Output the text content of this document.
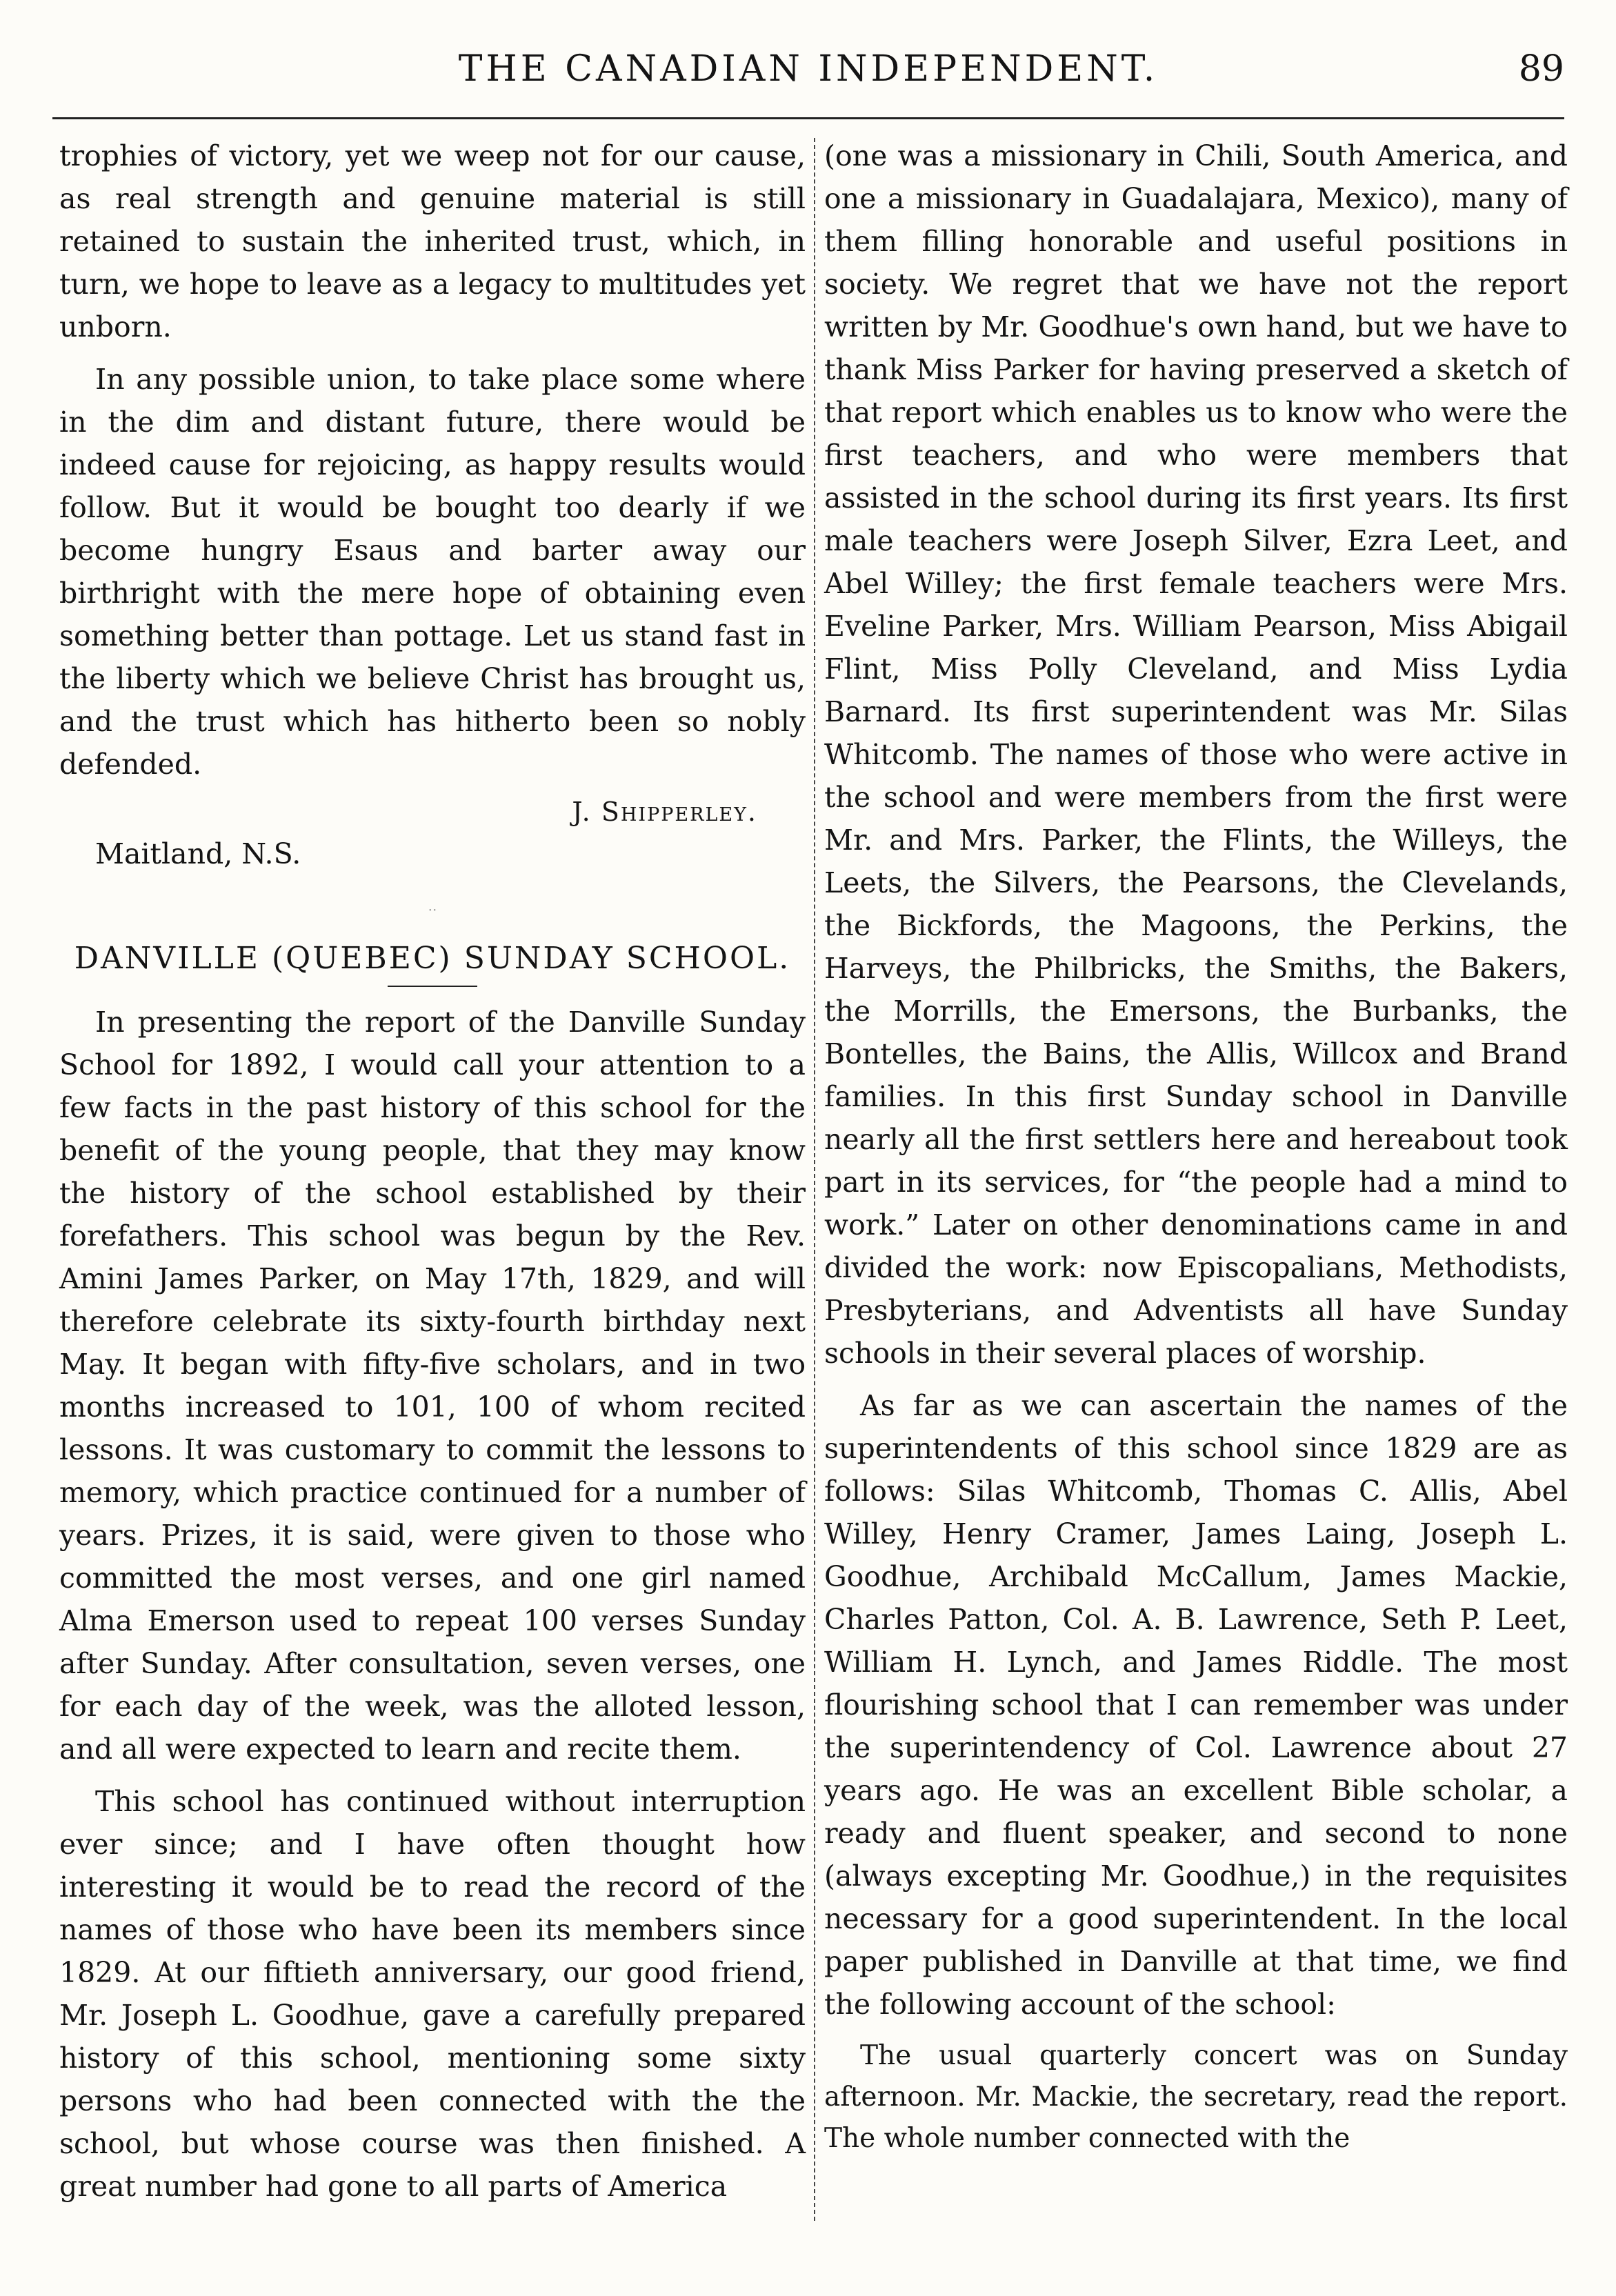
THE CANADIAN INDEPENDENT.	89

trophies of victory, yet we weep not for our cause, as real strength and genuine material is still retained to sustain the inherited trust, which, in turn, we hope to leave as a legacy to multitudes yet unborn.

In any possible union, to take place some where in the dim and distant future, there would be indeed cause for rejoicing, as happy results would follow. But it would be bought too dearly if we become hungry Esaus and barter away our birthright with the mere hope of obtaining even something better than pottage. Let us stand fast in the liberty which we believe Christ has brought us, and the trust which has hitherto been so nobly defended.

J. Shipperley.
Maitland, N.S.
··
DANVILLE (QUEBEC) SUNDAY SCHOOL.

In presenting the report of the Danville Sunday School for 1892, I would call your attention to a few facts in the past history of this school for the benefit of the young people, that they may know the history of the school established by their forefathers. This school was begun by the Rev. Amini James Parker, on May 17th, 1829, and will therefore celebrate its sixty-fourth birthday next May. It began with fifty-five scholars, and in two months increased to 101, 100 of whom recited lessons. It was customary to commit the lessons to memory, which practice continued for a number of years. Prizes, it is said, were given to those who committed the most verses, and one girl named Alma Emerson used to repeat 100 verses Sunday after Sunday. After consultation, seven verses, one for each day of the week, was the alloted lesson, and all were expected to learn and recite them.

This school has continued without interruption ever since; and I have often thought how interesting it would be to read the record of the names of those who have been its members since 1829. At our fiftieth anniversary, our good friend, Mr. Joseph L. Goodhue, gave a carefully prepared history of this school, mentioning some sixty persons who had been connected with the the school, but whose course was then finished. A great number had gone to all parts of America

(one was a missionary in Chili, South America, and one a missionary in Guadalajara, Mexico), many of them filling honorable and useful positions in society. We regret that we have not the report written by Mr. Goodhue's own hand, but we have to thank Miss Parker for having preserved a sketch of that report which enables us to know who were the first teachers, and who were members that assisted in the school during its first years. Its first male teachers were Joseph Silver, Ezra Leet, and Abel Willey; the first female teachers were Mrs. Eveline Parker, Mrs. William Pearson, Miss Abigail Flint, Miss Polly Cleveland, and Miss Lydia Barnard. Its first superintendent was Mr. Silas Whitcomb. The names of those who were active in the school and were members from the first were Mr. and Mrs. Parker, the Flints, the Willeys, the Leets, the Silvers, the Pearsons, the Clevelands, the Bickfords, the Magoons, the Perkins, the Harveys, the Philbricks, the Smiths, the Bakers, the Morrills, the Emersons, the Burbanks, the Bontelles, the Bains, the Allis, Willcox and Brand families. In this first Sunday school in Danville nearly all the first settlers here and hereabout took part in its services, for “the people had a mind to work.” Later on other denominations came in and divided the work: now Episcopalians, Methodists, Presbyterians, and Adventists all have Sunday schools in their several places of worship.

As far as we can ascertain the names of the superintendents of this school since 1829 are as follows: Silas Whitcomb, Thomas C. Allis, Abel Willey, Henry Cramer, James Laing, Joseph L. Goodhue, Archibald McCallum, James Mackie, Charles Patton, Col. A. B. Lawrence, Seth P. Leet, William H. Lynch, and James Riddle. The most flourishing school that I can remember was under the superintendency of Col. Lawrence about 27 years ago. He was an excellent Bible scholar, a ready and fluent speaker, and second to none (always excepting Mr. Goodhue,) in the requisites necessary for a good superintendent. In the local paper published in Danville at that time, we find the following account of the school:

The usual quarterly concert was on Sunday afternoon. Mr. Mackie, the secretary, read the report. The whole number connected with the
